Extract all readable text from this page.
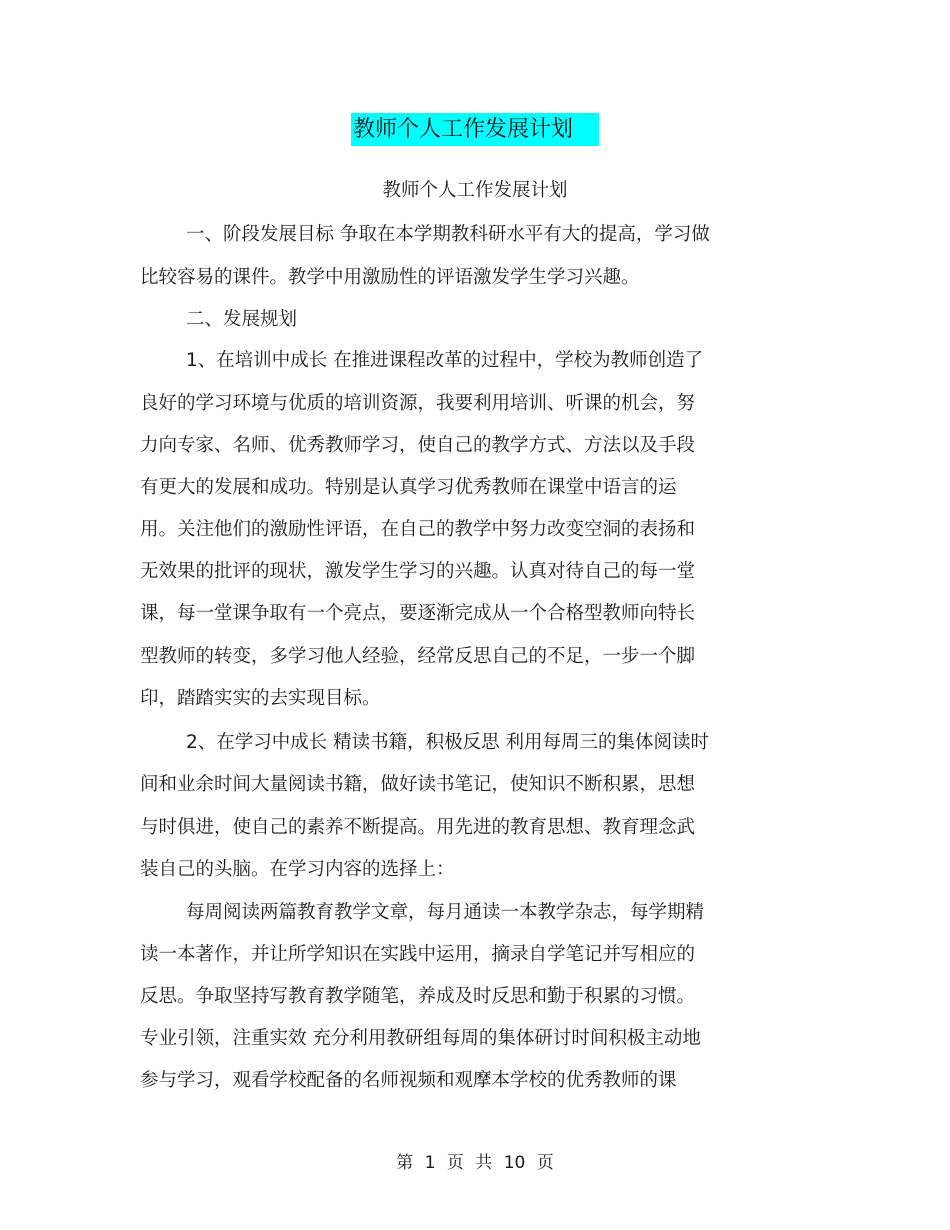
教师个人工作发展计划
教师个人工作发展计划
一、阶段发展目标 争取在本学期教科研水平有大的提高，学习做
比较容易的课件。教学中用激励性的评语激发学生学习兴趣。
二、发展规划
1、在培训中成长 在推进课程改革的过程中，学校为教师创造了
良好的学习环境与优质的培训资源，我要利用培训、听课的机会，努
力向专家、名师、优秀教师学习，使自己的教学方式、方法以及手段
有更大的发展和成功。特别是认真学习优秀教师在课堂中语言的运
用。关注他们的激励性评语，在自己的教学中努力改变空洞的表扬和
无效果的批评的现状，激发学生学习的兴趣。认真对待自己的每一堂
课，每一堂课争取有一个亮点，要逐渐完成从一个合格型教师向特长
型教师的转变，多学习他人经验，经常反思自己的不足，一步一个脚
印，踏踏实实的去实现目标。
2、在学习中成长 精读书籍，积极反思 利用每周三的集体阅读时
间和业余时间大量阅读书籍，做好读书笔记，使知识不断积累，思想
与时俱进，使自己的素养不断提高。用先进的教育思想、教育理念武
装自己的头脑。在学习内容的选择上：
每周阅读两篇教育教学文章，每月通读一本教学杂志，每学期精
读一本著作，并让所学知识在实践中运用，摘录自学笔记并写相应的
反思。争取坚持写教育教学随笔，养成及时反思和勤于积累的习惯。
专业引领，注重实效 充分利用教研组每周的集体研讨时间积极主动地
参与学习，观看学校配备的名师视频和观摩本学校的优秀教师的课
第 1 页 共 10 页
